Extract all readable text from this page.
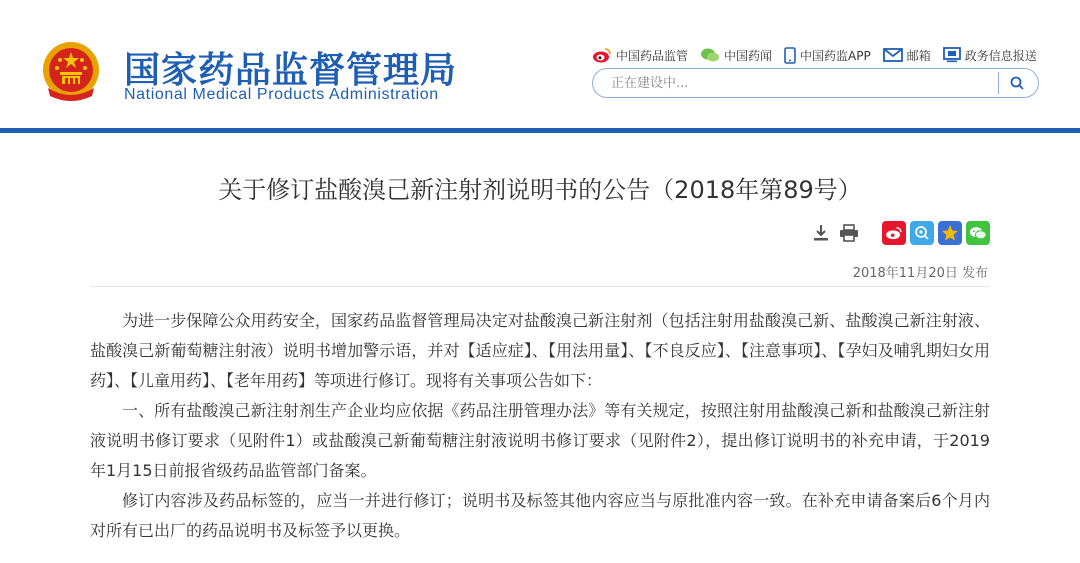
国家药品监督管理局
National Medical Products Administration
中国药品监管	中国药闻 中国药监APP	邮箱	政务信息报送
正在建设中...
关于修订盐酸溴己新注射剂说明书的公告（2018年第89号）
2018年11月20日 发布

为进一步保障公众用药安全，国家药品监督管理局决定对盐酸溴己新注射剂（包括注射用盐酸溴己新、盐酸溴己新注射液、盐酸溴己新葡萄糖注射液）说明书增加警示语，并对【适应症】、【用法用量】、【不良反应】、【注意事项】、【孕妇及哺乳期妇女用药】、【儿童用药】、【老年用药】等项进行修订。现将有关事项公告如下：

一、所有盐酸溴己新注射剂生产企业均应依据《药品注册管理办法》等有关规定，按照注射用盐酸溴己新和盐酸溴己新注射液说明书修订要求（见附件1）或盐酸溴己新葡萄糖注射液说明书修订要求（见附件2），提出修订说明书的补充申请，于2019年1月15日前报省级药品监管部门备案。

修订内容涉及药品标签的，应当一并进行修订；说明书及标签其他内容应当与原批准内容一致。在补充申请备案后6个月内对所有已出厂的药品说明书及标签予以更换。
